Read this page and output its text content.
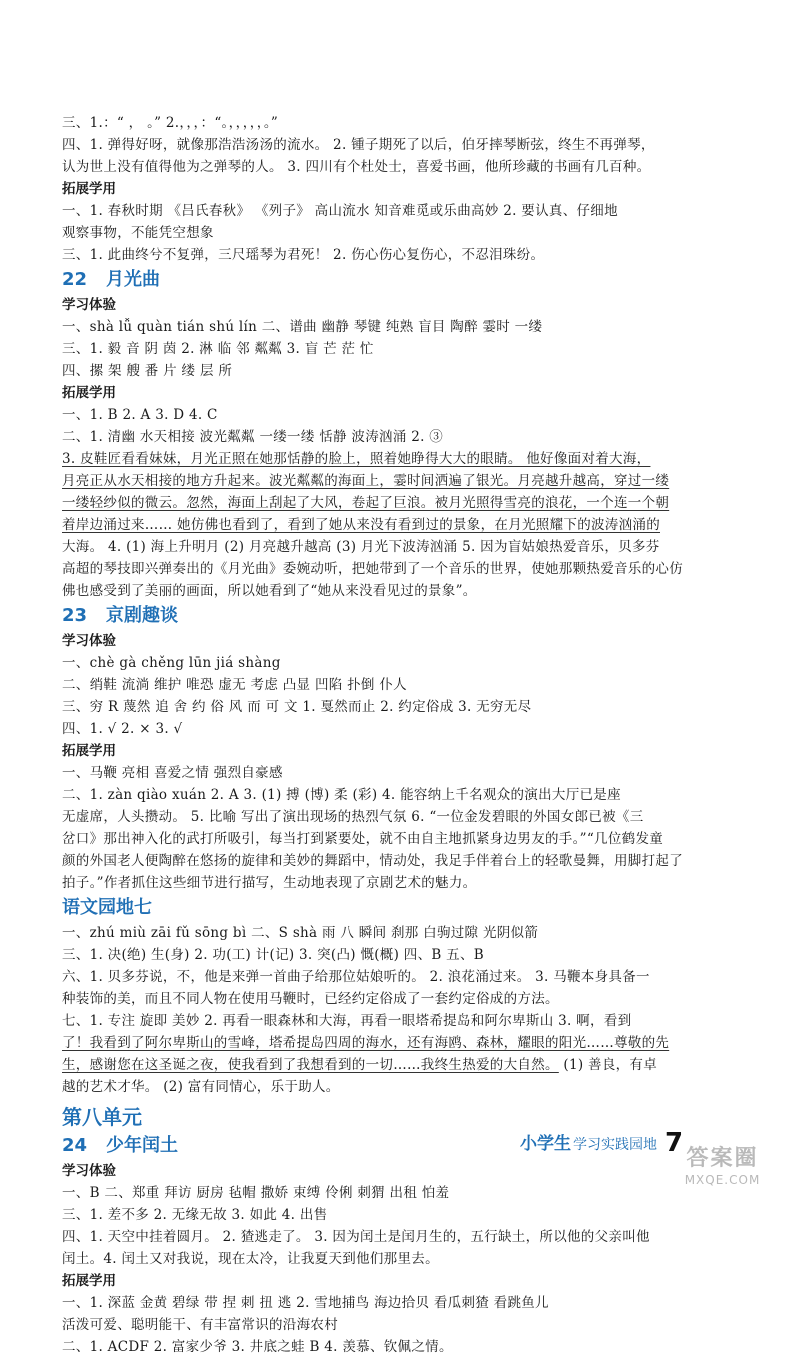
三、1.：“ ， 。” 2.，，，：“。，，，，，。”
四、1. 弹得好呀，就像那浩浩汤汤的流水。 2. 锺子期死了以后，伯牙摔琴断弦，终生不再弹琴，
认为世上没有值得他为之弹琴的人。 3. 四川有个杜处士，喜爱书画，他所珍藏的书画有几百种。
拓展学用
一、1. 春秋时期 《吕氏春秋》 《列子》 高山流水 知音难觅或乐曲高妙 2. 要认真、仔细地
观察事物，不能凭空想象
三、1. 此曲终兮不复弹，三尺瑶琴为君死！ 2. 伤心伤心复伤心，不忍泪珠纷。
22 月光曲
学习体验
一、shà lǚ quàn tián shú lín 二、谱曲 幽静 琴键 纯熟 盲目 陶醉 霎时 一缕
三、1. 毅 音 阴 茵 2. 淋 临 邻 粼粼 3. 盲 芒 茫 忙
四、摞 架 艘 番 片 缕 层 所
拓展学用
一、1. B 2. A 3. D 4. C
二、1. 清幽 水天相接 波光粼粼 一缕一缕 恬静 波涛汹涌 2. ③
3. 皮鞋匠看看妹妹，月光正照在她那恬静的脸上，照着她睁得大大的眼睛。 他好像面对着大海，
月亮正从水天相接的地方升起来。波光粼粼的海面上，霎时间洒遍了银光。月亮越升越高，穿过一缕
一缕轻纱似的微云。忽然，海面上刮起了大风，卷起了巨浪。被月光照得雪亮的浪花，一个连一个朝
着岸边涌过来…… 她仿佛也看到了，看到了她从来没有看到过的景象，在月光照耀下的波涛汹涌的
大海。 4. (1) 海上升明月 (2) 月亮越升越高 (3) 月光下波涛汹涌 5. 因为盲姑娘热爱音乐，贝多芬
高超的琴技即兴弹奏出的《月光曲》委婉动听，把她带到了一个音乐的世界，使她那颗热爱音乐的心仿
佛也感受到了美丽的画面，所以她看到了“她从来没看见过的景象”。
23 京剧趣谈
学习体验
一、chè gà chěng lūn jiá shàng
二、绡鞋 流淌 维护 唯恐 虚无 考虑 凸显 凹陷 扑倒 仆人
三、穷 R 蔑然 追 舍 约 俗 风 而 可 文 1. 戛然而止 2. 约定俗成 3. 无穷无尽
四、1. √ 2. × 3. √
拓展学用
一、马鞭 亮相 喜爱之情 强烈自豪感
二、1. zàn qiào xuán 2. A 3. (1) 搏 (博) 柔 (彩) 4. 能容纳上千名观众的演出大厅已是座
无虚席，人头攒动。 5. 比喻 写出了演出现场的热烈气氛 6. “一位金发碧眼的外国女郎已被《三
岔口》那出神入化的武打所吸引，每当打到紧要处，就不由自主地抓紧身边男友的手。”“几位鹤发童
颜的外国老人便陶醉在悠扬的旋律和美妙的舞蹈中，情动处，我足手伴着台上的轻歌曼舞，用脚打起了
拍子。”作者抓住这些细节进行描写，生动地表现了京剧艺术的魅力。
语文园地七
一、zhú miù zāi fǔ sōng bì 二、S shà 雨 八 瞬间 刹那 白驹过隙 光阴似箭
三、1. 决(绝) 生(身) 2. 功(工) 计(记) 3. 突(凸) 慨(概) 四、B 五、B
六、1. 贝多芬说，不，他是来弹一首曲子给那位姑娘听的。 2. 浪花涌过来。 3. 马鞭本身具备一
种装饰的美，而且不同人物在使用马鞭时，已经约定俗成了一套约定俗成的方法。
七、1. 专注 旋即 美妙 2. 再看一眼森林和大海，再看一眼塔希提岛和阿尔卑斯山 3. 啊，看到
了！我看到了阿尔卑斯山的雪峰，塔希提岛四周的海水，还有海鸥、森林，耀眼的阳光……尊敬的先
生，感谢您在这圣诞之夜，使我看到了我想看到的一切……我终生热爱的大自然。 (1) 善良，有卓
越的艺术才华。 (2) 富有同情心，乐于助人。
第八单元
24 少年闰土
学习体验
一、B 二、郑重 拜访 厨房 毡帽 撒娇 束缚 伶俐 刺猬 出租 怕羞
三、1. 差不多 2. 无缘无故 3. 如此 4. 出售
四、1. 天空中挂着圆月。 2. 猹逃走了。 3. 因为闰土是闰月生的，五行缺土，所以他的父亲叫他
闰土。4. 闰土又对我说，现在太冷，让我夏天到他们那里去。
拓展学用
一、1. 深蓝 金黄 碧绿 带 捏 刺 扭 逃 2. 雪地捕鸟 海边拾贝 看瓜刺猹 看跳鱼儿
活泼可爱、聪明能干、有丰富常识的沿海农村
二、1. ACDF 2. 富家少爷 3. 井底之蛙 B 4. 羡慕、钦佩之情。
小学生 学习实践园地 7
答案圈
MXQE.COM
